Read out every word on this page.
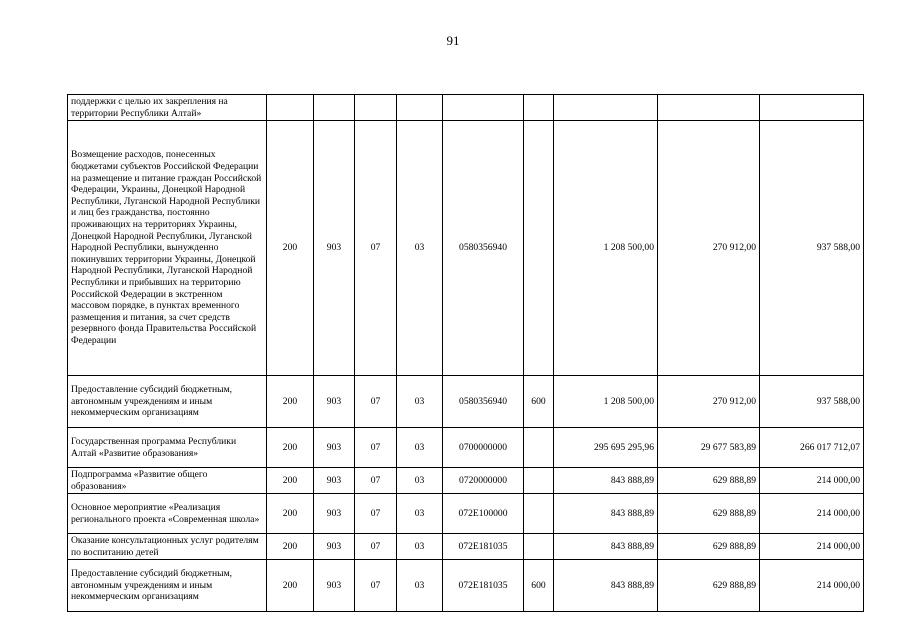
91
поддержки с целью их закрепления на территории Республики Алтай»									
Возмещение расходов, понесенных бюджетами субъектов Российской Федерации на размещение и питание граждан Российской Федерации, Украины, Донецкой Народной Республики, Луганской Народной Республики и лиц без гражданства, постоянно проживающих на территориях Украины, Донецкой Народной Республики, Луганской Народной Республики, вынужденно покинувших территории Украины, Донецкой Народной Республики, Луганской Народной Республики и прибывших на территорию Российской Федерации в экстренном массовом порядке, в пунктах временного размещения и питания, за счет средств резервного фонда Правительства Российской Федерации	200	903	07	03	0580356940		1 208 500,00	270 912,00	937 588,00
Предоставление субсидий бюджетным, автономным учреждениям и иным некоммерческим организациям	200	903	07	03	0580356940	600	1 208 500,00	270 912,00	937 588,00
Государственная программа Республики Алтай «Развитие образования»	200	903	07	03	0700000000		295 695 295,96	29 677 583,89	266 017 712,07
Подпрограмма «Развитие общего образования»	200	903	07	03	0720000000		843 888,89	629 888,89	214 000,00
Основное мероприятие «Реализация регионального проекта «Современная школа»	200	903	07	03	072Е100000		843 888,89	629 888,89	214 000,00
Оказание консультационных услуг родителям по воспитанию детей	200	903	07	03	072Е181035		843 888,89	629 888,89	214 000,00
Предоставление субсидий бюджетным, автономным учреждениям и иным некоммерческим организациям	200	903	07	03	072Е181035	600	843 888,89	629 888,89	214 000,00
